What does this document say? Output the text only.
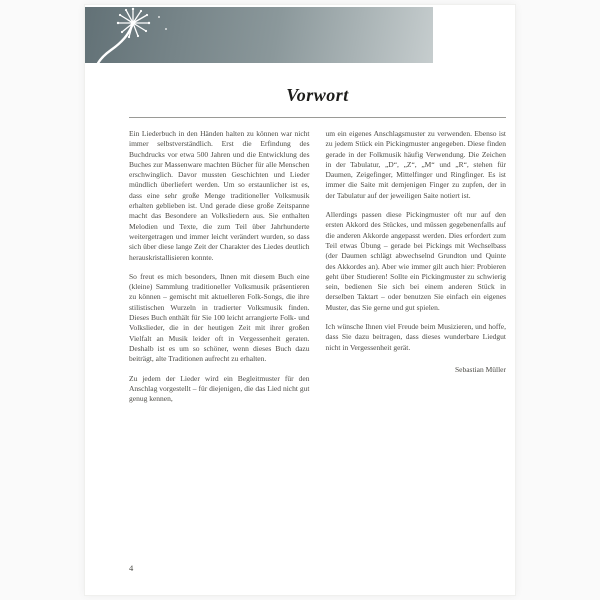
Vorwort

Ein Liederbuch in den Händen halten zu können war nicht immer selbstverständlich. Erst die Erfindung des Buchdrucks vor etwa 500 Jahren und die Entwicklung des Buches zur Massenware machten Bücher für alle Menschen erschwinglich. Davor mussten Geschichten und Lieder mündlich überliefert werden. Um so erstaunlicher ist es, dass eine sehr große Menge traditioneller Volksmusik erhalten geblieben ist. Und gerade diese große Zeitspanne macht das Besondere an Volksliedern aus. Sie enthalten Melodien und Texte, die zum Teil über Jahrhunderte weitergetragen und immer leicht verändert wurden, so dass sich über diese lange Zeit der Charakter des Liedes deutlich herauskristallisieren konnte.

So freut es mich besonders, Ihnen mit diesem Buch eine (kleine) Sammlung traditioneller Volksmusik präsentieren zu können – gemischt mit aktuelleren Folk-Songs, die ihre stilistischen Wurzeln in tradierter Volksmusik finden. Dieses Buch enthält für Sie 100 leicht arrangierte Folk- und Volkslieder, die in der heutigen Zeit mit ihrer großen Vielfalt an Musik leider oft in Vergessenheit geraten. Deshalb ist es um so schöner, wenn dieses Buch dazu beiträgt, alte Traditionen aufrecht zu erhalten.

Zu jedem der Lieder wird ein Begleitmuster für den Anschlag vorgestellt – für diejenigen, die das Lied nicht gut genug kennen,

um ein eigenes Anschlagsmuster zu verwenden. Ebenso ist zu jedem Stück ein Pickingmuster angegeben. Diese finden gerade in der Folkmusik häufig Verwendung. Die Zeichen in der Tabulatur, „D“, „Z“, „M“ und „R“, stehen für Daumen, Zeigefinger, Mittelfinger und Ringfinger. Es ist immer die Saite mit demjenigen Finger zu zupfen, der in der Tabulatur auf der jeweiligen Saite notiert ist.

Allerdings passen diese Pickingmuster oft nur auf den ersten Akkord des Stückes, und müssen gegebenenfalls auf die anderen Akkorde angepasst werden. Dies erfordert zum Teil etwas Übung – gerade bei Pickings mit Wechselbass (der Daumen schlägt abwechselnd Grundton und Quinte des Akkordes an). Aber wie immer gilt auch hier: Probieren geht über Studieren! Sollte ein Pickingmuster zu schwierig sein, bedienen Sie sich bei einem anderen Stück in derselben Taktart – oder benutzen Sie einfach ein eigenes Muster, das Sie gerne und gut spielen.

Ich wünsche Ihnen viel Freude beim Musizieren, und hoffe, dass Sie dazu beitragen, dass dieses wunderbare Liedgut nicht in Vergessenheit gerät.

Sebastian Müller

4
